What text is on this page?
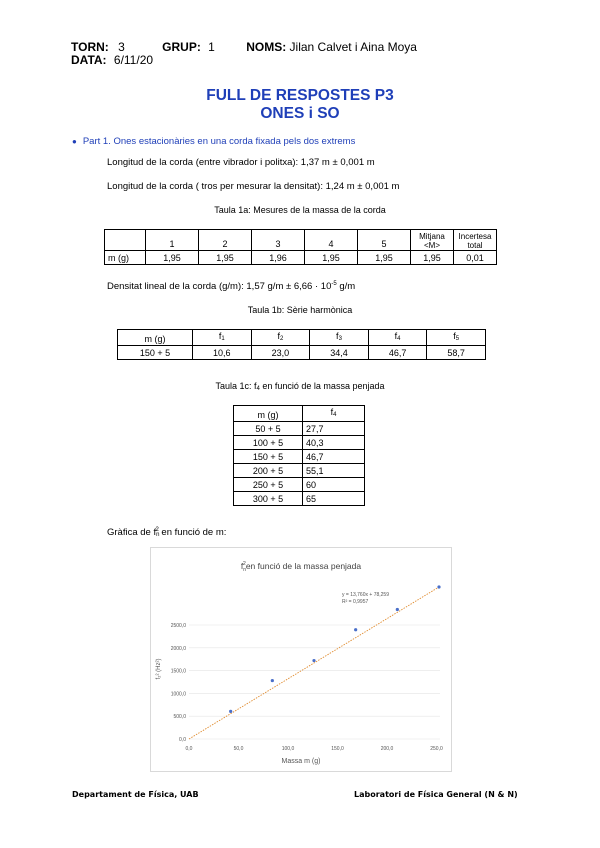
TORN: 3	GRUP: 1	NOMS: Jilan Calvet i Aina Moya
DATA: 6/11/20
FULL DE RESPOSTES P3
ONES i SO
● Part 1. Ones estacionàries en una corda fixada pels dos extrems
Longitud de la corda (entre vibrador i politxa): 1,37 m ± 0,001 m
Longitud de la corda ( tros per mesurar la densitat): 1,24 m ± 0,001 m
Taula 1a: Mesures de la massa de la corda
	1	2	3	4	5	Mitjana <M>	Incertesa total
m (g)	1,95	1,95	1,96	1,95	1,95	1,95	0,01
Densitat lineal de la corda (g/m): 1,57 $g/m \pm 6,66 \cdot 10^{-5}$ g/m
Taula 1b: Sèrie harmònica
m (g)	f1	f2	f3	f4	f5
150 + 5	10,6	23,0	34,4	46,7	58,7
Taula 1c: f4 en funció de la massa penjada
m (g)	f4
50 + 5	27,7
100 + 5	40,3
150 + 5	46,7
200 + 5	55,1
250 + 5	60
300 + 5	65
Gràfica de $fn^2$ en funció de m:
$f_n2en$ funció de la massa penjada
0,0
500,0
1000,0
1500,0
2000,0
2500,0
0,0	50,0	100,0	150,0	200,0	250,0
y = 13,760x + 78,259
R² = 0,9957
Massa m (g)
f₂² (Hz²)
Departament de Física, UAB	Laboratori de Física General (N & N)
